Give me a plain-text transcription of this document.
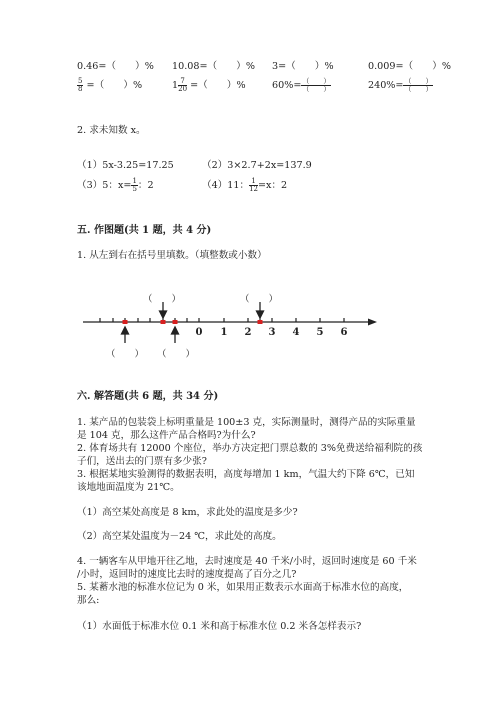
0.46=（　　）% 10.08=（　　）% 3=（　　）%	0.009=（　　）%
$\frac{5}{8}$ =（　　）%	$1 \frac{7}{20}$ =（　　）%	$60\%= \frac{( )}{( )}$	$240\%= \frac{( )}{( )}$
2. 求未知数 x。
（1）5x-3.25=17.25	（2）3×2.7+2x=137.9
（3）5：$x= \frac{1}{5}$ ：2	（4）11： $\frac{1}{12} =x$：2
五. 作图题(共 1 题，共 4 分)
1. 从左到右在括号里填数。（填整数或小数）
0	1	2	3	4	5	6
（　　）	（　　）
（　　） （　　）
六. 解答题(共 6 题，共 34 分)
1. 某产品的包装袋上标明重量是 100±3 克，实际测量时，测得产品的实际重量
是 104 克，那么这件产品合格吗?为什么?
2. 体育场共有 12000 个座位，举办方决定把门票总数的 3%免费送给福利院的孩
子们，送出去的门票有多少张?
3. 根据某地实验测得的数据表明，高度每增加 1 km，气温大约下降 6℃，已知
该地地面温度为 21℃。
（1）高空某处高度是 8 km，求此处的温度是多少?
（2）高空某处温度为－24 ℃，求此处的高度。
4. 一辆客车从甲地开往乙地，去时速度是 40 千米/小时，返回时速度是 60 千米
/小时，返回时的速度比去时的速度提高了百分之几?
5. 某蓄水池的标准水位记为 0 米，如果用正数表示水面高于标准水位的高度，
那么:
（1）水面低于标准水位 0.1 米和高于标准水位 0.2 米各怎样表示?
